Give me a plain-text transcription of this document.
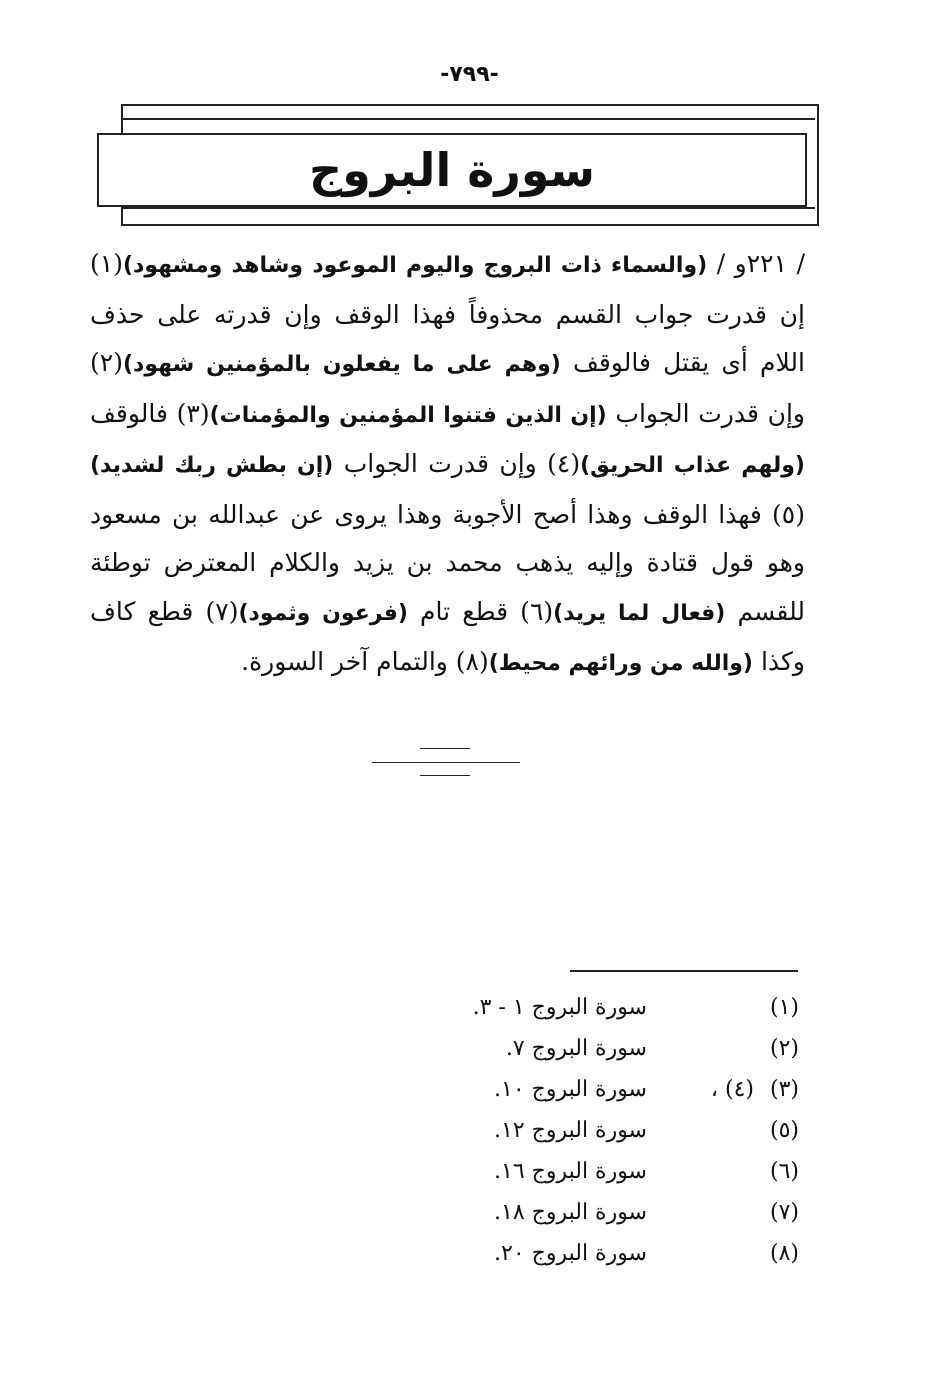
-٧٩٩-
سورة البروج
/ ٢٢١و / (والسماء ذات البروج واليوم الموعود وشاهد ومشهود)(١) إن قدرت جواب القسم محذوفاً فهذا الوقف وإن قدرته على حذف اللام أى يقتل فالوقف (وهم على ما يفعلون بالمؤمنين شهود)(٢) وإن قدرت الجواب (إن الذين فتنوا المؤمنين والمؤمنات)(٣) فالوقف (ولهم عذاب الحريق)(٤) وإن قدرت الجواب (إن بطش ربك لشديد)(٥) فهذا الوقف وهذا أصح الأجوبة وهذا يروى عن عبدالله بن مسعود وهو قول قتادة وإليه يذهب محمد بن يزيد والكلام المعترض توطئة للقسم (فعال لما يريد)(٦) قطع تام (فرعون وثمود)(٧) قطع كاف وكذا (والله من ورائهم محيط)(٨) والتمام آخر السورة.
(١)
سورة البروج ١ - ٣.
(٢)
سورة البروج ٧.
(٣)
، (٤)
سورة البروج ١٠.
(٥)
سورة البروج ١٢.
(٦)
سورة البروج ١٦.
(٧)
سورة البروج ١٨.
(٨)
سورة البروج ٢٠.
